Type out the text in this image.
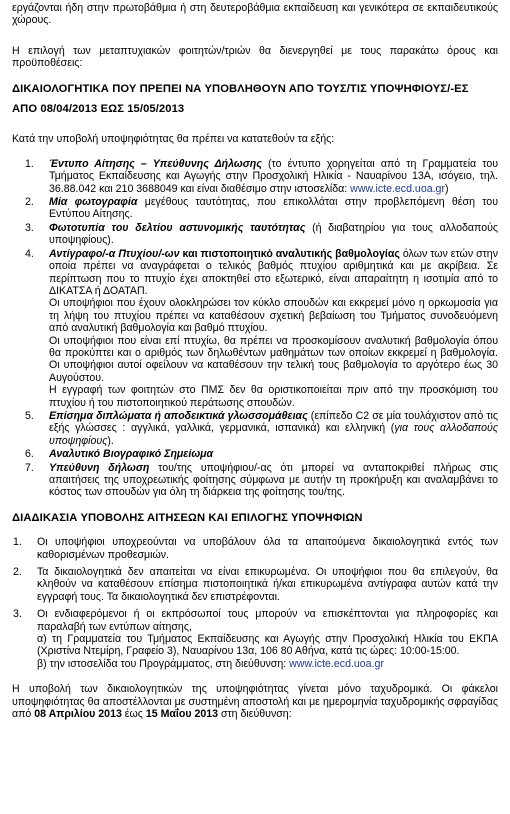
εργάζονται ήδη στην πρωτοβάθμια ή στη δευτεροβάθμια εκπαίδευση και γενικότερα σε εκπαιδευτικούς χώρους.

Η επιλογή των μεταπτυχιακών φοιτητών/τριών θα διενεργηθεί με τους παρακάτω όρους και προϋποθέσεις:

ΔΙΚΑΙΟΛΟΓΗΤΙΚΑ ΠΟΥ ΠΡΕΠΕΙ ΝΑ ΥΠΟΒΛΗΘΟΥΝ ΑΠΟ ΤΟΥΣ/ΤΙΣ ΥΠΟΨΗΦΙΟΥΣ/-ΕΣ

ΑΠΟ 08/04/2013 ΕΩΣ 15/05/2013

Κατά την υποβολή υποψηφιότητας θα πρέπει να κατατεθούν τα εξής:

1. Έντυπο Αίτησης – Υπεύθυνης Δήλωσης (το έντυπο χορηγείται από τη Γραμματεία του Τμήματος Εκπαίδευσης και Αγωγής στην Προσχολική Ηλικία - Ναυαρίνου 13Α, ισόγειο, τηλ. 36.88.042 και 210 3688049 και είναι διαθέσιμο στην ιστοσελίδα: www.icte.ecd.uoa.gr)
2. Μία φωτογραφία μεγέθους ταυτότητας, που επικολλάται στην προβλεπόμενη θέση του Εντύπου Αίτησης.
3. Φωτοτυπία του δελτίου αστυνομικής ταυτότητας (ή διαβατηρίου για τους αλλοδαπούς υποψηφίους).
4. Αντίγραφο/-α Πτυχίου/-ων και πιστοποιητικό αναλυτικής βαθμολογίας όλων των ετών στην οποία πρέπει να αναγράφεται ο τελικός βαθμός πτυχίου αριθμητικά και με ακρίβεια. Σε περίπτωση που το πτυχίο έχει αποκτηθεί στο εξωτερικό, είναι απαραίτητη η ισοτιμία από το ΔΙΚΑΤΣΑ ή ΔΟΑΤΑΠ.

Οι υποψήφιοι που έχουν ολοκληρώσει τον κύκλο σπουδών και εκκρεμεί μόνο η ορκωμοσία για τη λήψη του πτυχίου πρέπει να καταθέσουν σχετική βεβαίωση του Τμήματος συνοδευόμενη από αναλυτική βαθμολογία και βαθμό πτυχίου.

Οι υποψήφιοι που είναι επί πτυχίω, θα πρέπει να προσκομίσουν αναλυτική βαθμολογία όπου θα προκύπτει και ο αριθμός των δηλωθέντων μαθημάτων των οποίων εκκρεμεί η βαθμολογία. Οι υποψήφιοι αυτοί οφείλουν να καταθέσουν την τελική τους βαθμολογία το αργότερο έως 30 Αυγούστου.

Η εγγραφή των φοιτητών στο ΠΜΣ δεν θα οριστικοποιείται πριν από την προσκόμιση του πτυχίου ή του πιστοποιητικού περάτωσης σπουδών.

5. Επίσημα διπλώματα ή αποδεικτικά γλωσσομάθειας (επίπεδο C2 σε μία τουλάχιστον από τις εξής γλώσσες : αγγλικά, γαλλικά, γερμανικά, ισπανικά) και ελληνική (για τους αλλοδαπούς υποψηφίους).
6. Αναλυτικό Βιογραφικό Σημείωμα
7. Υπεύθυνη δήλωση του/της υποψήφιου/-ας ότι μπορεί να ανταποκριθεί πλήρως στις απαιτήσεις της υποχρεωτικής φοίτησης σύμφωνα με αυτήν τη προκήρυξη και αναλαμβάνει το κόστος των σπουδών για όλη τη διάρκεια της φοίτησης του/της.

ΔΙΑΔΙΚΑΣΙΑ ΥΠΟΒΟΛΗΣ ΑΙΤΗΣΕΩΝ ΚΑΙ ΕΠΙΛΟΓΗΣ ΥΠΟΨΗΦΙΩΝ

1. Οι υποψήφιοι υποχρεούνται να υποβάλουν όλα τα απαιτούμενα δικαιολογητικά εντός των καθορισμένων προθεσμιών.
2. Τα δικαιολογητικά δεν απαιτείται να είναι επικυρωμένα. Οι υποψήφιοι που θα επιλεγούν, θα κληθούν να καταθέσουν επίσημα πιστοποιητικά ή/και επικυρωμένα αντίγραφα αυτών κατά την εγγραφή τους. Τα δικαιολογητικά δεν επιστρέφονται.
3. Οι ενδιαφερόμενοι ή οι εκπρόσωποί τους μπορούν να επισκέπτονται για πληροφορίες και παραλαβή των εντύπων αίτησης,

α) τη Γραμματεία του Τμήματος Εκπαίδευσης και Αγωγής στην Προσχολική Ηλικία του ΕΚΠΑ (Χριστίνα Ντεμίρη, Γραφείο 3), Ναυαρίνου 13α, 106 80 Αθήνα, κατά τις ώρες: 10:00-15:00.

β) την ιστοσελίδα του Προγράμματος, στη διεύθυνση: www.icte.ecd.uoa.gr

Η υποβολή των δικαιολογητικών της υποψηφιότητας γίνεται μόνο ταχυδρομικά. Οι φάκελοι υποψηφιότητας θα αποστέλλονται με συστημένη αποστολή και με ημερομηνία ταχυδρομικής σφραγίδας από 08 Απριλίου 2013 έως 15 Μαΐου 2013 στη διεύθυνση:
